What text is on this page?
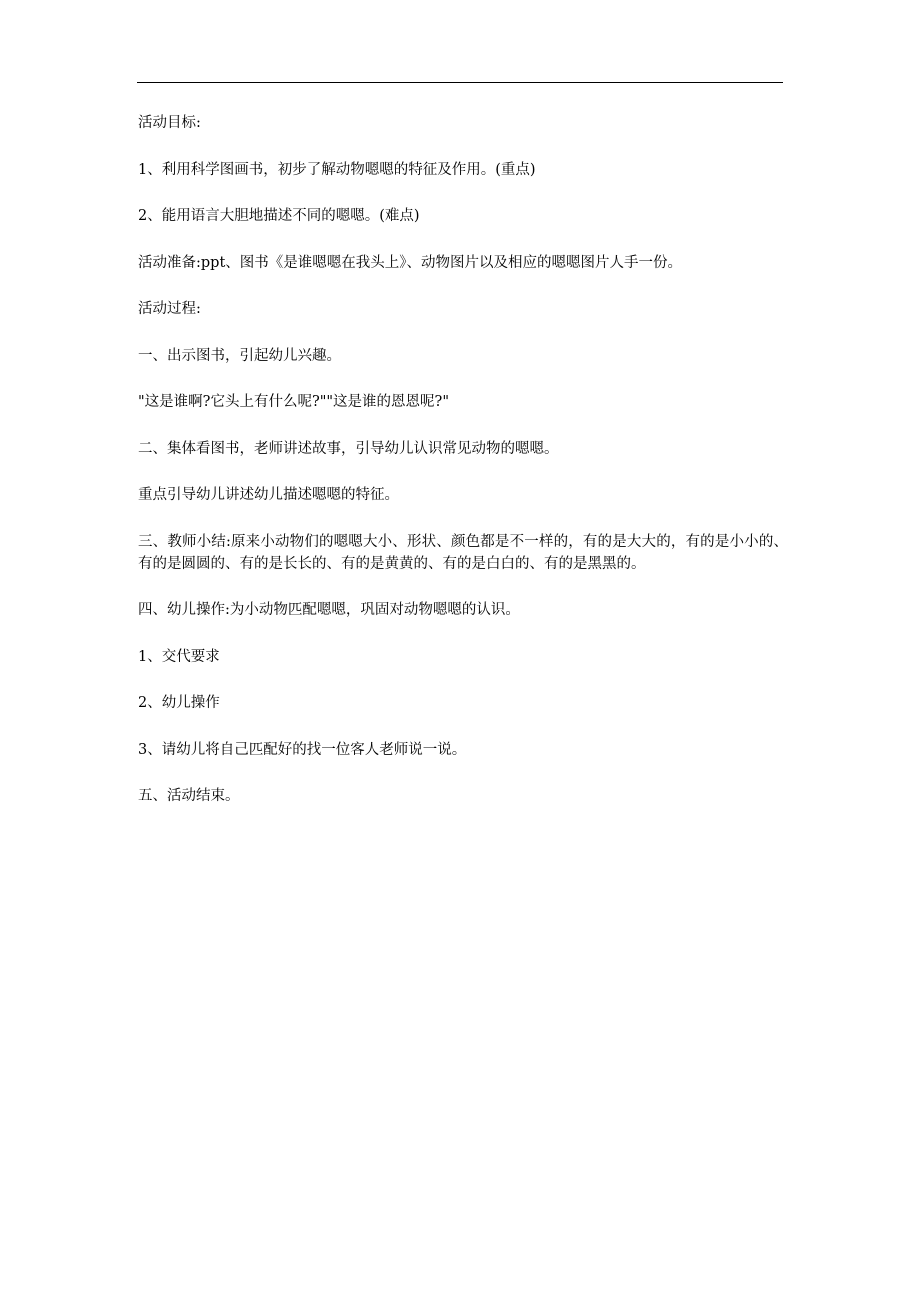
活动目标:

1、利用科学图画书，初步了解动物嗯嗯的特征及作用。(重点)

2、能用语言大胆地描述不同的嗯嗯。(难点)

活动准备:ppt、图书《是谁嗯嗯在我头上》、动物图片以及相应的嗯嗯图片人手一份。

活动过程:

一、出示图书，引起幼儿兴趣。

"这是谁啊?它头上有什么呢?""这是谁的恩恩呢?"

二、集体看图书，老师讲述故事，引导幼儿认识常见动物的嗯嗯。

重点引导幼儿讲述幼儿描述嗯嗯的特征。

三、教师小结:原来小动物们的嗯嗯大小、形状、颜色都是不一样的，有的是大大的，有的是小小的、有的是圆圆的、有的是长长的、有的是黄黄的、有的是白白的、有的是黑黑的。

四、幼儿操作:为小动物匹配嗯嗯，巩固对动物嗯嗯的认识。

1、交代要求

2、幼儿操作

3、请幼儿将自己匹配好的找一位客人老师说一说。

五、活动结束。
